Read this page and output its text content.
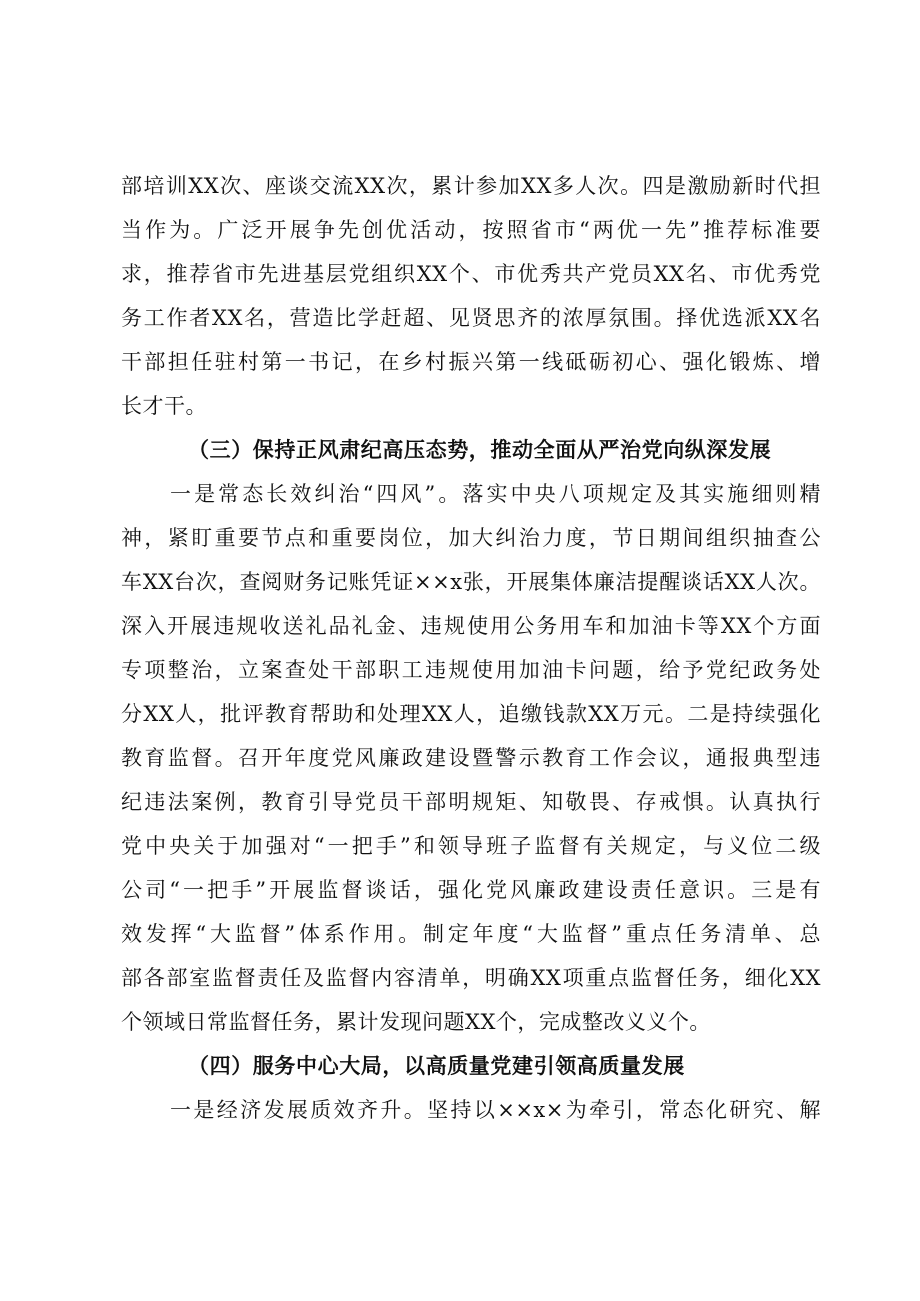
部培训XX次、座谈交流XX次，累计参加XX多人次。四是激励新时代担
当作为。广泛开展争先创优活动，按照省市“两优一先”推荐标准要
求，推荐省市先进基层党组织XX个、市优秀共产党员XX名、市优秀党
务工作者XX名，营造比学赶超、见贤思齐的浓厚氛围。择优选派XX名
干部担任驻村第一书记，在乡村振兴第一线砥砺初心、强化锻炼、增
长才干。
（三）保持正风肃纪高压态势，推动全面从严治党向纵深发展
一是常态长效纠治“四风”。落实中央八项规定及其实施细则精
神，紧盯重要节点和重要岗位，加大纠治力度，节日期间组织抽查公
车XX台次，查阅财务记账凭证××x张，开展集体廉洁提醒谈话XX人次。
深入开展违规收送礼品礼金、违规使用公务用车和加油卡等XX个方面
专项整治，立案查处干部职工违规使用加油卡问题，给予党纪政务处
分XX人，批评教育帮助和处理XX人，追缴钱款XX万元。二是持续强化
教育监督。召开年度党风廉政建设暨警示教育工作会议，通报典型违
纪违法案例，教育引导党员干部明规矩、知敬畏、存戒惧。认真执行
党中央关于加强对“一把手”和领导班子监督有关规定，与义位二级
公司“一把手”开展监督谈话，强化党风廉政建设责任意识。三是有
效发挥“大监督”体系作用。制定年度“大监督”重点任务清单、总
部各部室监督责任及监督内容清单，明确XX项重点监督任务，细化XX
个领域日常监督任务，累计发现问题XX个，完成整改义义个。
（四）服务中心大局，以高质量党建引领高质量发展
一是经济发展质效齐升。坚持以××x×为牵引，常态化研究、解
